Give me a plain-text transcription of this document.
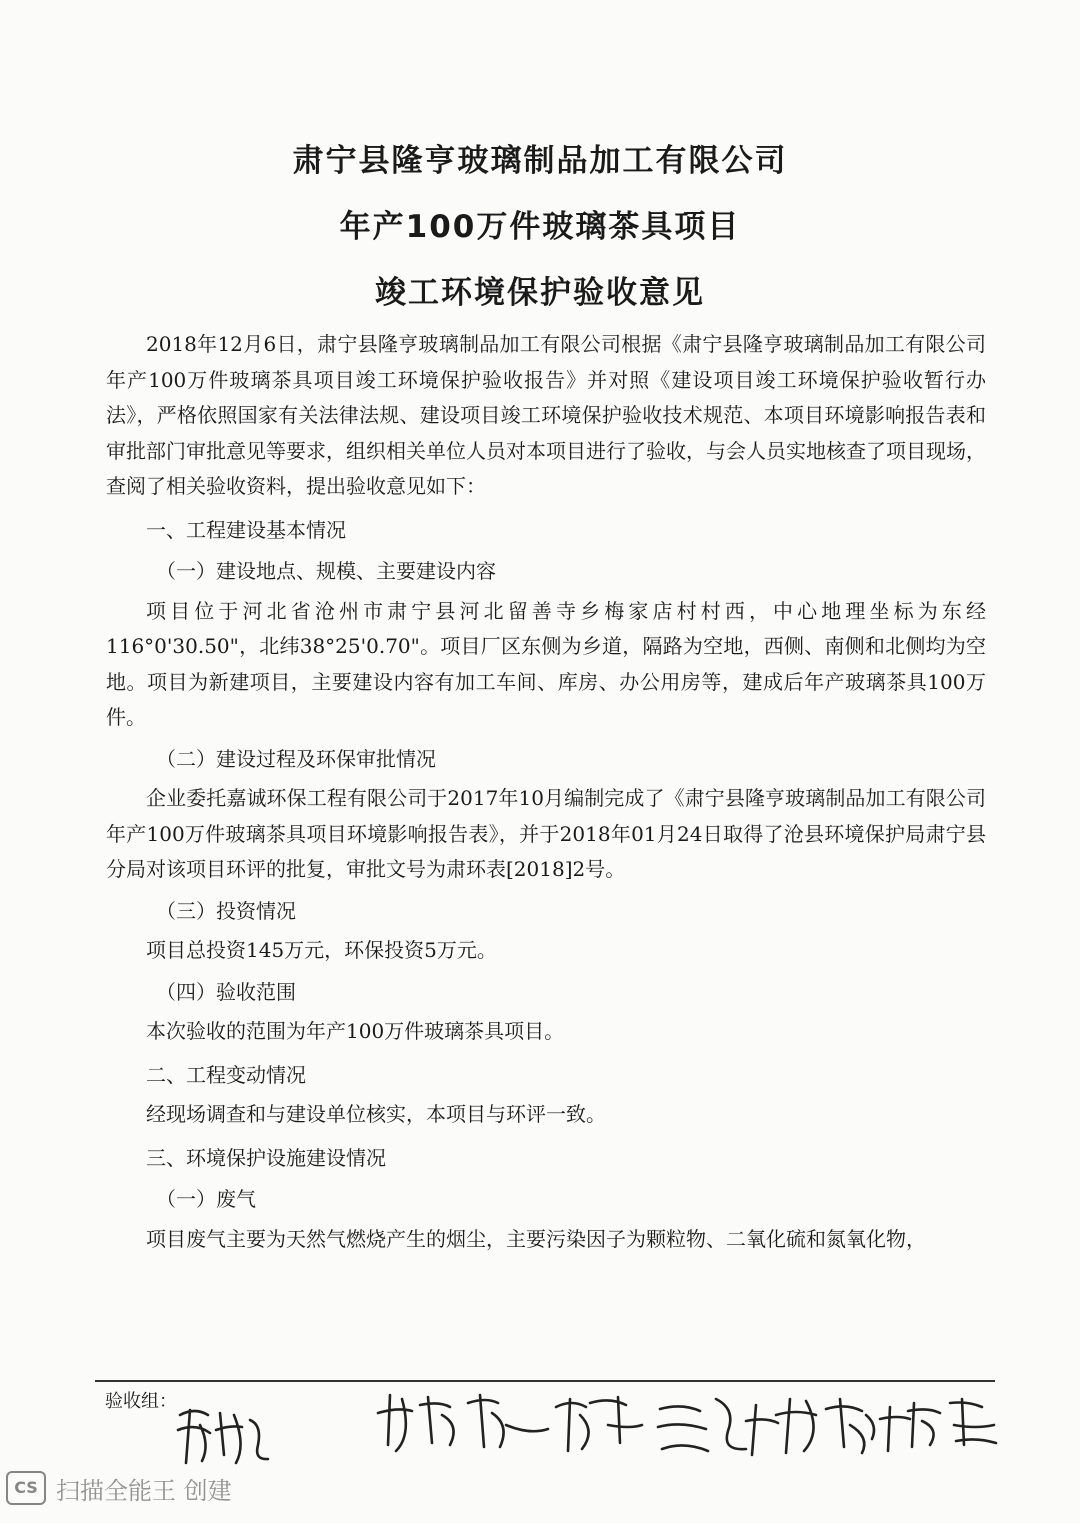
肃宁县隆亨玻璃制品加工有限公司
年产100万件玻璃茶具项目
竣工环境保护验收意见

2018年12月6日，肃宁县隆亨玻璃制品加工有限公司根据《肃宁县隆亨玻璃制品加工有限公司年产100万件玻璃茶具项目竣工环境保护验收报告》并对照《建设项目竣工环境保护验收暂行办法》，严格依照国家有关法律法规、建设项目竣工环境保护验收技术规范、本项目环境影响报告表和审批部门审批意见等要求，组织相关单位人员对本项目进行了验收，与会人员实地核查了项目现场，查阅了相关验收资料，提出验收意见如下：

一、工程建设基本情况
（一）建设地点、规模、主要建设内容

项目位于河北省沧州市肃宁县河北留善寺乡梅家店村村西，中心地理坐标为东经116°0'30.50"，北纬38°25'0.70"。项目厂区东侧为乡道，隔路为空地，西侧、南侧和北侧均为空地。项目为新建项目，主要建设内容有加工车间、库房、办公用房等，建成后年产玻璃茶具100万件。

（二）建设过程及环保审批情况

企业委托嘉诚环保工程有限公司于2017年10月编制完成了《肃宁县隆亨玻璃制品加工有限公司年产100万件玻璃茶具项目环境影响报告表》，并于2018年01月24日取得了沧县环境保护局肃宁县分局对该项目环评的批复，审批文号为肃环表[2018]2号。

（三）投资情况

项目总投资145万元，环保投资5万元。

（四）验收范围

本次验收的范围为年产100万件玻璃茶具项目。

二、工程变动情况

经现场调查和与建设单位核实，本项目与环评一致。

三、环境保护设施建设情况
（一）废气

项目废气主要为天然气燃烧产生的烟尘，主要污染因子为颗粒物、二氧化硫和氮氧化物，

验收组：
CS 扫描全能王 创建
